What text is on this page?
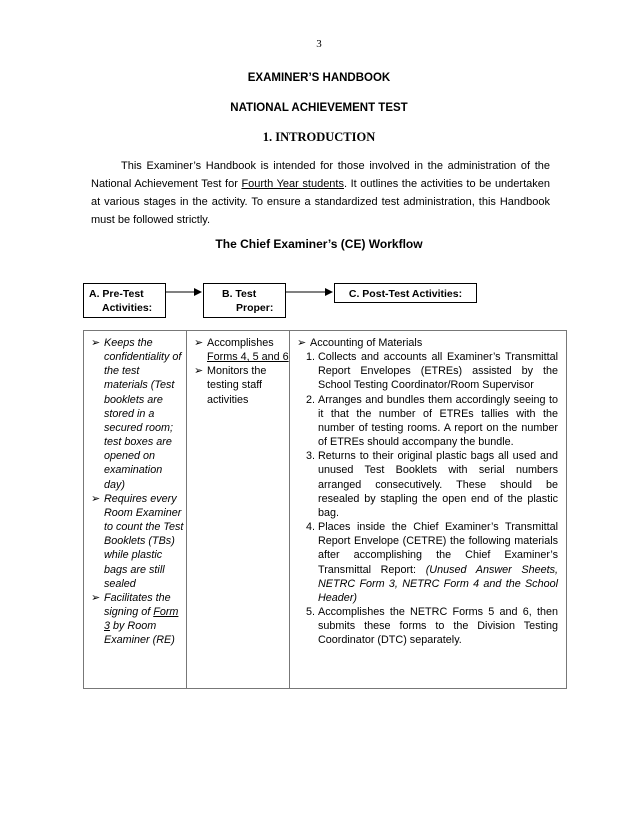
3
EXAMINER’S HANDBOOK
NATIONAL ACHIEVEMENT TEST
1. INTRODUCTION

This Examiner’s Handbook is intended for those involved in the administration of the National Achievement Test for Fourth Year students. It outlines the activities to be undertaken at various stages in the activity. To ensure a standardized test administration, this Handbook must be followed strictly.

The Chief Examiner’s (CE) Workflow
A. Pre-Test
Activities:
B. Test
Proper:
C. Post-Test Activities:
➢ Keeps the confidentiality of the test materials (Test booklets are stored in a secured room; test boxes are opened on examination day)
➢ Requires every Room Examiner to count the Test Booklets (TBs) while plastic bags are still sealed
➢ Facilitates the signing of Form 3 by Room Examiner (RE)
➢ Accomplishes Forms 4, 5 and 6
➢ Monitors the testing staff activities
➢ Accounting of Materials
1. Collects and accounts all Examiner’s Transmittal Report Envelopes (ETREs) assisted by the School Testing Coordinator/Room Supervisor
2. Arranges and bundles them accordingly seeing to it that the number of ETREs tallies with the number of testing rooms. A report on the number of ETREs should accompany the bundle.
3. Returns to their original plastic bags all used and unused Test Booklets with serial numbers arranged consecutively. These should be resealed by stapling the open end of the plastic bag.
4. Places inside the Chief Examiner’s Transmittal Report Envelope (CETRE) the following materials after accomplishing the Chief Examiner’s Transmittal Report: (Unused Answer Sheets, NETRC Form 3, NETRC Form 4 and the School Header)
5. Accomplishes the NETRC Forms 5 and 6, then submits these forms to the Division Testing Coordinator (DTC) separately.
